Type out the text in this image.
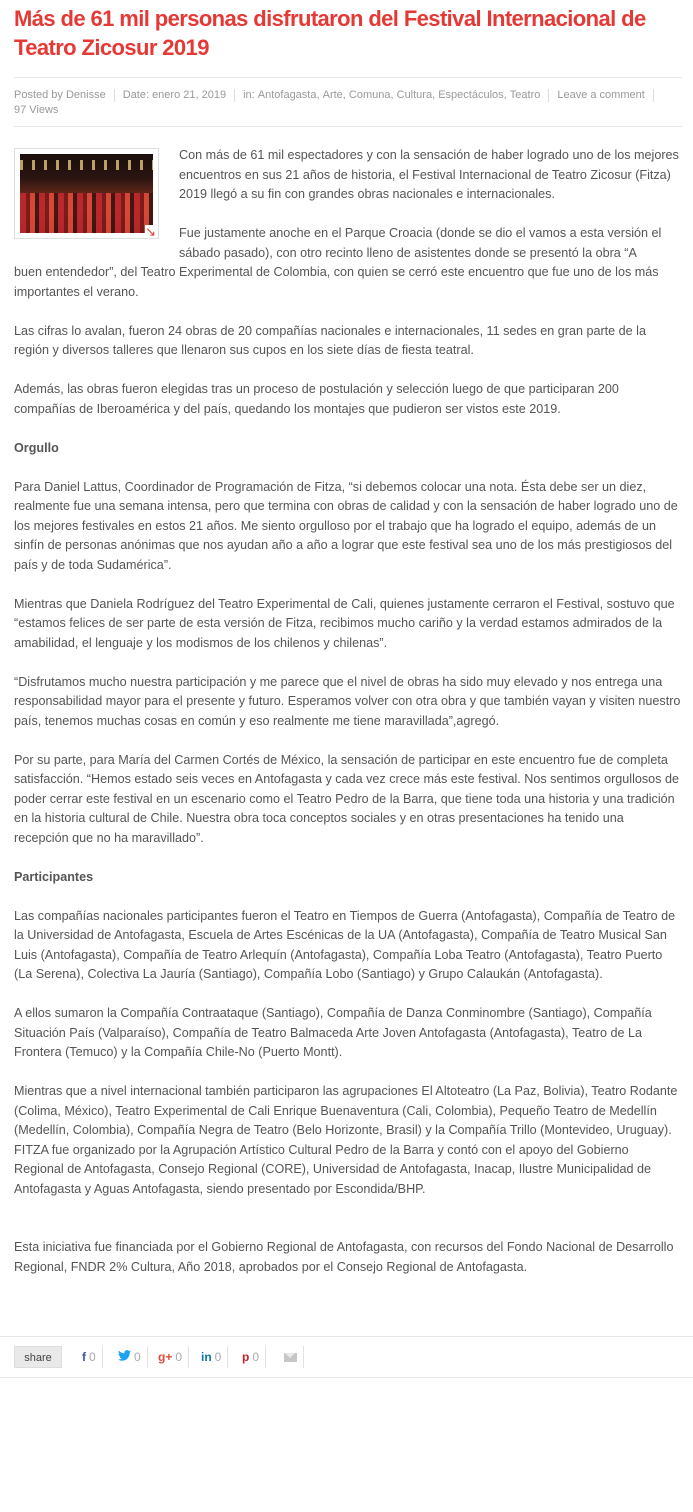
Más de 61 mil personas disfrutaron del Festival Internacional de Teatro Zicosur 2019
Posted by Denisse Date: enero 21, 2019 in:
Antofagasta , Arte , Comuna , Cultura , Espectáculos , Teatro Leave a comment
97 Views
↘

Con más de 61 mil espectadores y con la sensación de haber logrado uno de los mejores encuentros en sus 21 años de historia, el Festival Internacional de Teatro Zicosur (Fitza) 2019 llegó a su fin con grandes obras nacionales e internacionales.

Fue justamente anoche en el Parque Croacia (donde se dio el vamos a esta versión el sábado pasado), con otro recinto lleno de asistentes donde se presentó la obra “A

buen entendedor”, del Teatro Experimental de Colombia, con quien se cerró este encuentro que fue uno de los más importantes el verano.

Las cifras lo avalan, fueron 24 obras de 20 compañías nacionales e internacionales, 11 sedes en gran parte de la región y diversos talleres que llenaron sus cupos en los siete días de fiesta teatral.

Además, las obras fueron elegidas tras un proceso de postulación y selección luego de que participaran 200 compañías de Iberoamérica y del país, quedando los montajes que pudieron ser vistos este 2019.

Orgullo

Para Daniel Lattus, Coordinador de Programación de Fitza, “si debemos colocar una nota. Ésta debe ser un diez, realmente fue una semana intensa, pero que termina con obras de calidad y con la sensación de haber logrado uno de los mejores festivales en estos 21 años. Me siento orgulloso por el trabajo que ha logrado el equipo, además de un sinfín de personas anónimas que nos ayudan año a año a lograr que este festival sea uno de los más prestigiosos del país y de toda Sudamérica”.

Mientras que Daniela Rodríguez del Teatro Experimental de Cali, quienes justamente cerraron el Festival, sostuvo que “estamos felices de ser parte de esta versión de Fitza, recibimos mucho cariño y la verdad estamos admirados de la amabilidad, el lenguaje y los modismos de los chilenos y chilenas”.

“Disfrutamos mucho nuestra participación y me parece que el nivel de obras ha sido muy elevado y nos entrega una responsabilidad mayor para el presente y futuro. Esperamos volver con otra obra y que también vayan y visiten nuestro país, tenemos muchas cosas en común y eso realmente me tiene maravillada”,agregó.

Por su parte, para María del Carmen Cortés de México, la sensación de participar en este encuentro fue de completa satisfacción. “Hemos estado seis veces en Antofagasta y cada vez crece más este festival. Nos sentimos orgullosos de poder cerrar este festival en un escenario como el Teatro Pedro de la Barra, que tiene toda una historia y una tradición en la historia cultural de Chile. Nuestra obra toca conceptos sociales y en otras presentaciones ha tenido una recepción que no ha maravillado”.

Participantes

Las compañías nacionales participantes fueron el Teatro en Tiempos de Guerra (Antofagasta), Compañía de Teatro de la Universidad de Antofagasta, Escuela de Artes Escénicas de la UA (Antofagasta), Compañía de Teatro Musical San Luis (Antofagasta), Compañía de Teatro Arlequín (Antofagasta), Compañía Loba Teatro (Antofagasta), Teatro Puerto (La Serena), Colectiva La Jauría (Santiago), Compañía Lobo (Santiago) y Grupo Calaukán (Antofagasta).

A ellos sumaron la Compañía Contraataque (Santiago), Compañía de Danza Conminombre (Santiago), Compañía Situación País (Valparaíso), Compañía de Teatro Balmaceda Arte Joven Antofagasta (Antofagasta), Teatro de La Frontera (Temuco) y la Compañía Chile-No (Puerto Montt).

Mientras que a nivel internacional también participaron las agrupaciones El Altoteatro (La Paz, Bolivia), Teatro Rodante (Colima, México), Teatro Experimental de Cali Enrique Buenaventura (Cali, Colombia), Pequeño Teatro de Medellín (Medellín, Colombia), Compañía Negra de Teatro (Belo Horizonte, Brasil) y la Compañía Trillo (Montevideo, Uruguay).

FITZA fue organizado por la Agrupación Artístico Cultural Pedro de la Barra y contó con el apoyo del Gobierno Regional de Antofagasta, Consejo Regional (CORE), Universidad de Antofagasta, Inacap, Ilustre Municipalidad de Antofagasta y Aguas Antofagasta, siendo presentado por Escondida/BHP.

Esta iniciativa fue financiada por el Gobierno Regional de Antofagasta, con recursos del Fondo Nacional de Desarrollo Regional, FNDR 2% Cultura, Año 2018, aprobados por el Consejo Regional de Antofagasta.

share	f 0	0 g+ 0 in 0 p 0
